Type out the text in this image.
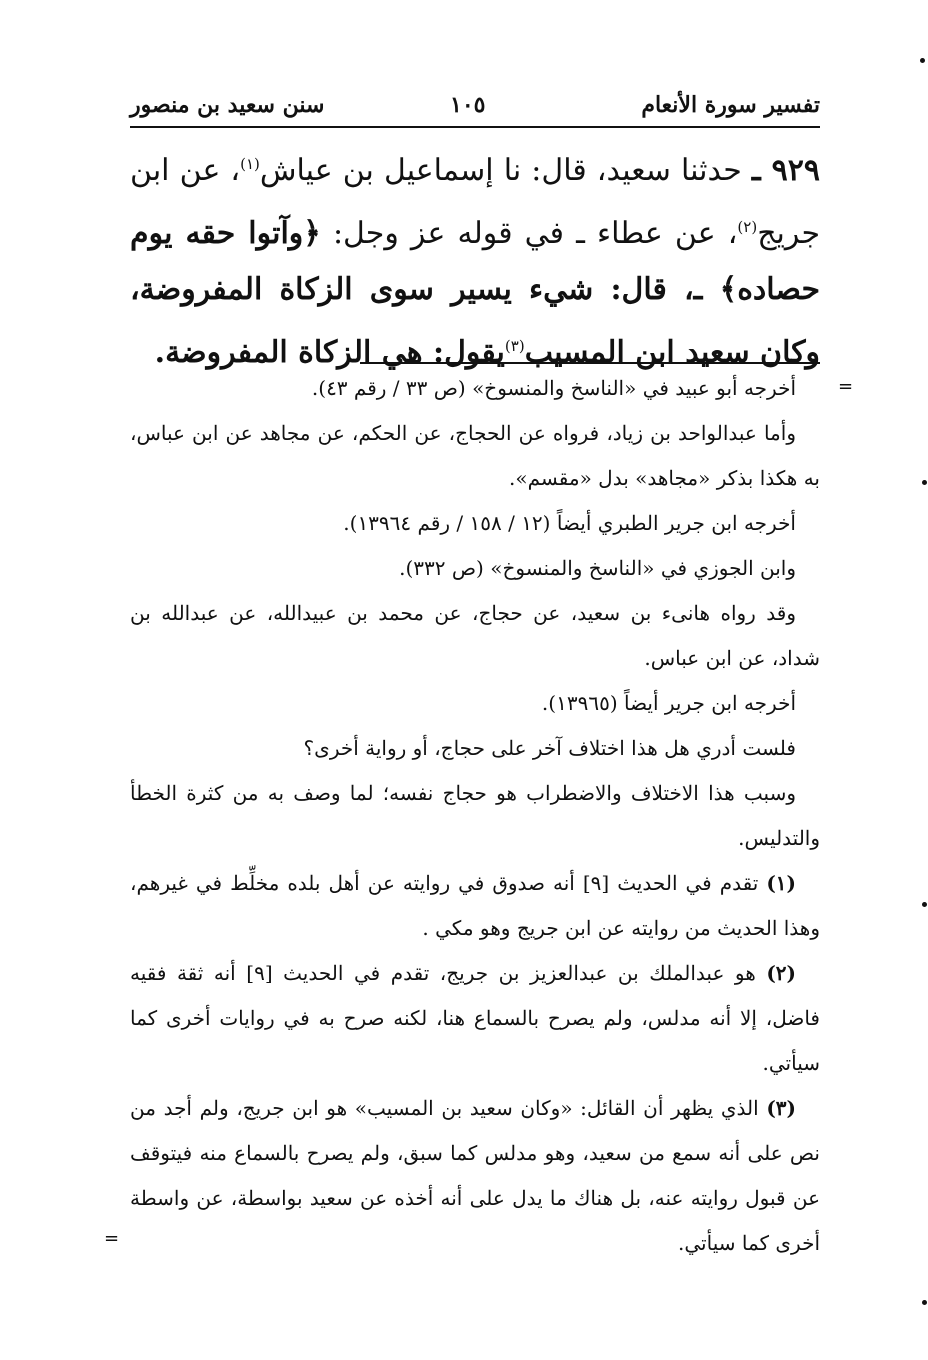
تفسير سورة الأنعام
١٠٥
سنن سعيد بن منصور
٩٢٩ ـ حدثنا سعيد، قال: نا إسماعيل بن عياش$^{(١)}$، عن ابن جريج$^{(٢)}$، عن عطاء ـ في قوله عز وجل: ﴿وآتوا حقه يوم حصاده﴾ ـ، قال: شيء يسير سوى الزكاة المفروضة، وكان سعيد ابن المسيب$^{(٣)}$يقول: هي الزكاة المفروضة.

أخرجه أبو عبيد في «الناسخ والمنسوخ» (ص ٣٣ / رقم ٤٣).

وأما عبدالواحد بن زياد، فرواه عن الحجاج، عن الحكم، عن مجاهد عن ابن عباس، به هكذا بذكر «مجاهد» بدل «مقسم».

أخرجه ابن جرير الطبري أيضاً (١٢ / ١٥٨ / رقم ١٣٩٦٤).

وابن الجوزي في «الناسخ والمنسوخ» (ص ٣٣٢).

وقد رواه هانىء بن سعيد، عن حجاج، عن محمد بن عبيدالله، عن عبدالله بن شداد، عن ابن عباس.

أخرجه ابن جرير أيضاً (١٣٩٦٥).

فلست أدري هل هذا اختلاف آخر على حجاج، أو رواية أخرى؟

وسبب هذا الاختلاف والاضطراب هو حجاج نفسه؛ لما وصف به من كثرة الخطأ والتدليس.

(١) تقدم في الحديث [٩] أنه صدوق في روايته عن أهل بلده مخلِّط في غيرهم، وهذا الحديث من روايته عن ابن جريج وهو مكي .

(٢) هو عبدالملك بن عبدالعزيز بن جريج، تقدم في الحديث [٩] أنه ثقة فقيه فاضل، إلا أنه مدلس، ولم يصرح بالسماع هنا، لكنه صرح به في روايات أخرى كما سيأتي.

(٣) الذي يظهر أن القائل: «وكان سعيد بن المسيب» هو ابن جريج، ولم أجد من نص على أنه سمع من سعيد، وهو مدلس كما سبق، ولم يصرح بالسماع منه فيتوقف عن قبول روايته عنه، بل هناك ما يدل على أنه أخذه عن سعيد بواسطة، عن واسطة أخرى كما سيأتي.

=
=
